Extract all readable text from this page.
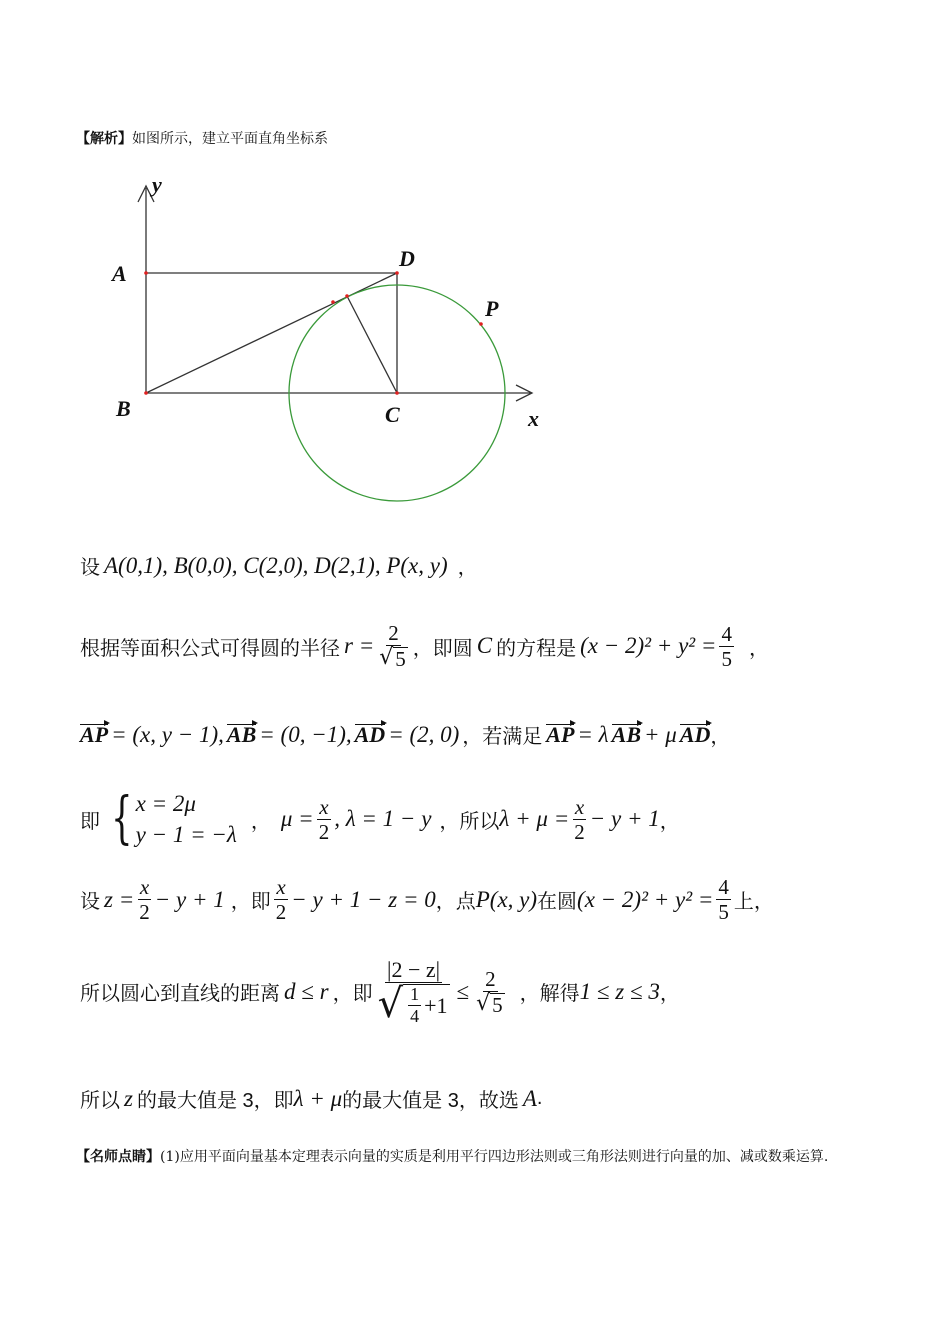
【解析】如图所示，建立平面直角坐标系
y
x
A
B	C
D
P
设 A(0,1), B(0,0), C(2,0), D(2,1), P(x, y) ，
根据等面积公式可得圆的半径 $r = \frac{2}{√ 5}$ ，即圆 C 的方程是 $(x - 2)^2 + y^2 = \frac{4}{5}$ ，
AP = (x, y − 1), AB = (0, −1), AD = (2, 0) ，若满足 AP = λ AB + μ AD ，
即 { x = 2μ
y − 1 = −λ
， $\mu = \frac{x}{2}$ , λ = 1 − y ，所以 $\lambda + \mu = \frac{x}{2} - y + 1$ ，
设 $z = \frac{x}{2} - y + 1$ ，即 $\frac{x}{2} - y + 1 - z = 0$ ，点 P(x, y) 在圆 $(x - 2)^2 + y^2 = \frac{4}{5}$ 上，
所以圆心到直线的距离 d ≤ r ，即
|2 − z|
√ $\frac{1}{4} +1$
≤ $\frac{2}{√ 5}$ ，解得 1 ≤ z ≤ 3 ，
所以 z 的最大值是 3，即 λ + μ 的最大值是 3，故选 A .
【名师点睛】(1)应用平面向量基本定理表示向量的实质是利用平行四边形法则或三角形法则进行向量的加、减或数乘运算.
